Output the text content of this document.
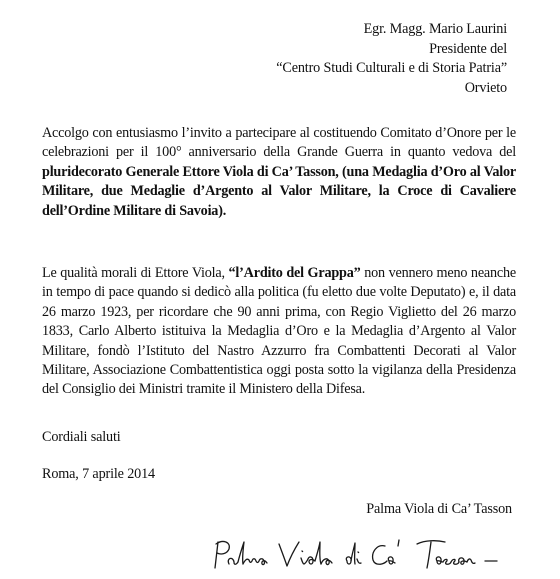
Egr. Magg. Mario Laurini
Presidente del
“Centro Studi Culturali e di Storia Patria”
Orvieto

Accolgo con entusiasmo l’invito a partecipare al costituendo Comitato d’Onore per le celebrazioni per il 100° anniversario della Grande Guerra in quanto vedova del pluridecorato Generale Ettore Viola di Ca’ Tasson, (una Medaglia d’Oro al Valor Militare, due Medaglie d’Argento al Valor Militare, la Croce di Cavaliere dell’Ordine Militare di Savoia).

Le qualità morali di Ettore Viola, “l’Ardito del Grappa” non vennero meno neanche in tempo di pace quando si dedicò alla politica (fu eletto due volte Deputato) e, il data 26 marzo 1923, per ricordare che 90 anni prima, con Regio Viglietto del 26 marzo 1833, Carlo Alberto istituiva la Medaglia d’Oro e la Medaglia d’Argento al Valor Militare, fondò l’Istituto del Nastro Azzurro fra Combattenti Decorati al Valor Militare, Associazione Combattentistica oggi posta sotto la vigilanza della Presidenza del Consiglio dei Ministri tramite il Ministero della Difesa.

Cordiali saluti
Roma, 7 aprile 2014
Palma Viola di Ca’ Tasson
